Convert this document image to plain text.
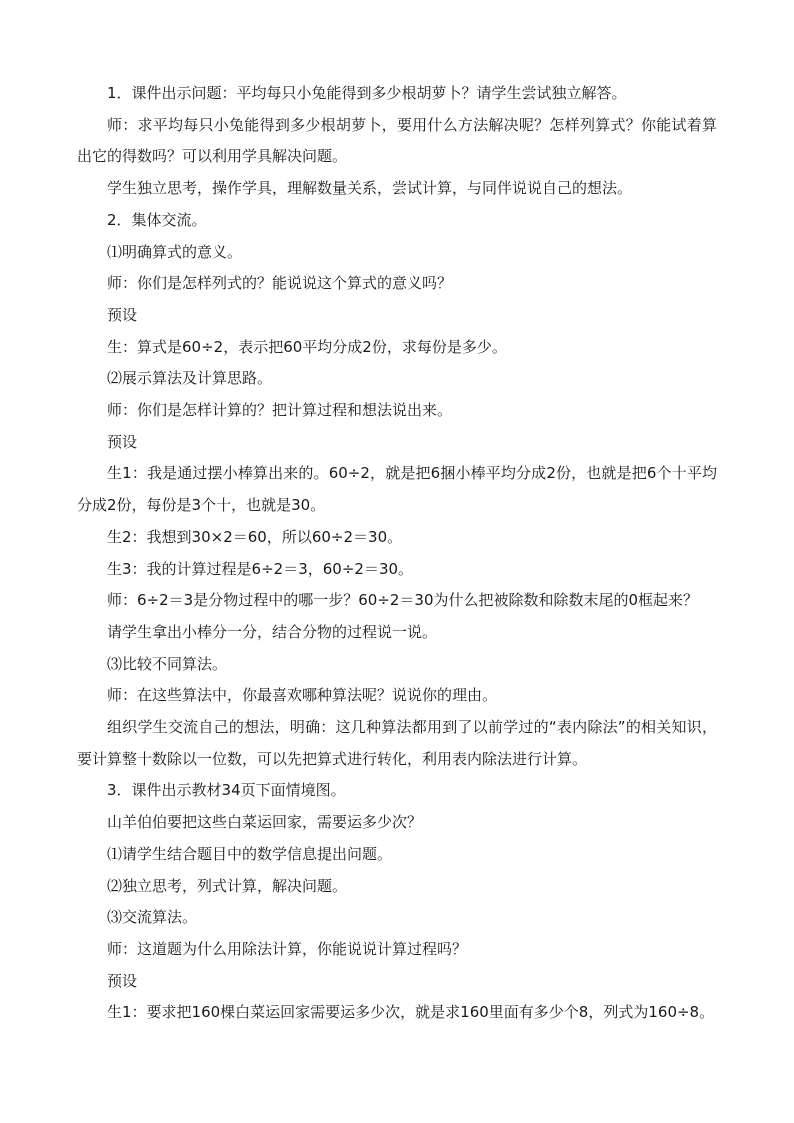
1．课件出示问题：平均每只小兔能得到多少根胡萝卜？请学生尝试独立解答。

师：求平均每只小兔能得到多少根胡萝卜，要用什么方法解决呢？怎样列算式？你能试着算出它的得数吗？可以利用学具解决问题。

学生独立思考，操作学具，理解数量关系，尝试计算，与同伴说说自己的想法。

2．集体交流。

⑴明确算式的意义。

师：你们是怎样列式的？能说说这个算式的意义吗？

预设

生：算式是60÷2，表示把60平均分成2份，求每份是多少。

⑵展示算法及计算思路。

师：你们是怎样计算的？把计算过程和想法说出来。

预设

生1：我是通过摆小棒算出来的。60÷2，就是把6捆小棒平均分成2份，也就是把6个十平均分成2份，每份是3个十，也就是30。

生2：我想到30×2＝60，所以60÷2＝30。

生3：我的计算过程是6÷2＝3，60÷2＝30。

师：6÷2＝3是分物过程中的哪一步？60÷2＝30为什么把被除数和除数末尾的0框起来？

请学生拿出小棒分一分，结合分物的过程说一说。

⑶比较不同算法。

师：在这些算法中，你最喜欢哪种算法呢？说说你的理由。

组织学生交流自己的想法，明确：这几种算法都用到了以前学过的“表内除法”的相关知识，要计算整十数除以一位数，可以先把算式进行转化，利用表内除法进行计算。

3．课件出示教材34页下面情境图。

山羊伯伯要把这些白菜运回家，需要运多少次？

⑴请学生结合题目中的数学信息提出问题。

⑵独立思考，列式计算，解决问题。

⑶交流算法。

师：这道题为什么用除法计算，你能说说计算过程吗？

预设

生1：要求把160棵白菜运回家需要运多少次，就是求160里面有多少个8，列式为160÷8。
